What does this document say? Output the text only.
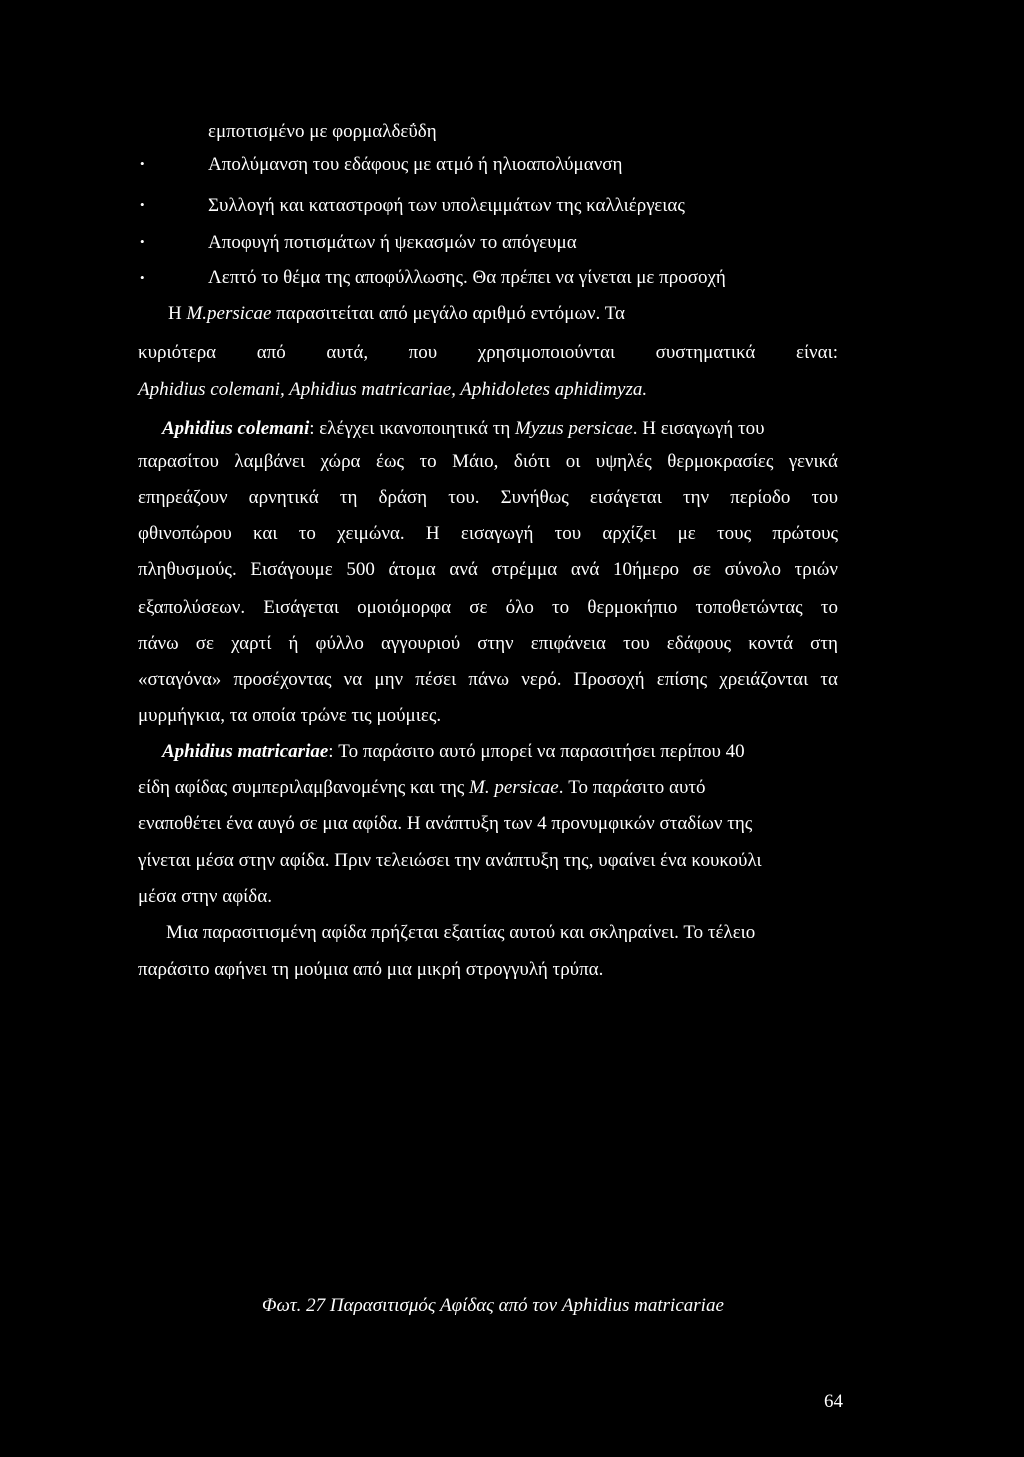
εμποτισμένο με φορμαλδεΰδη
•	Απολύμανση του εδάφους με ατμό ή ηλιοαπολύμανση
•	Συλλογή και καταστροφή των υπολειμμάτων της καλλιέργειας
•	Αποφυγή ποτισμάτων ή ψεκασμών το απόγευμα
•	Λεπτό το θέμα της αποφύλλωσης. Θα πρέπει να γίνεται με προσοχή
Η M.persicae παρασιτείται από μεγάλο αριθμό εντόμων. Τα
κυριότερα από αυτά, που χρησιμοποιούνται συστηματικά είναι:
Aphidius colemani, Aphidius matricariae, Aphidoletes aphidimyza.
Aphidius colemani: ελέγχει ικανοποιητικά τη Myzus persicae. Η εισαγωγή του
παρασίτου λαμβάνει χώρα έως το Μάιο, διότι οι υψηλές θερμοκρασίες γενικά
επηρεάζουν αρνητικά τη δράση του. Συνήθως εισάγεται την περίοδο του
φθινοπώρου και το χειμώνα. Η εισαγωγή του αρχίζει με τους πρώτους
πληθυσμούς. Εισάγουμε 500 άτομα ανά στρέμμα ανά 10ήμερο σε σύνολο τριών
εξαπολύσεων. Εισάγεται ομοιόμορφα σε όλο το θερμοκήπιο τοποθετώντας το
πάνω σε χαρτί ή φύλλο αγγουριού στην επιφάνεια του εδάφους κοντά στη
«σταγόνα» προσέχοντας να μην πέσει πάνω νερό. Προσοχή επίσης χρειάζονται τα
μυρμήγκια, τα οποία τρώνε τις μούμιες.
Aphidius matricariae: Το παράσιτο αυτό μπορεί να παρασιτήσει περίπου 40
είδη αφίδας συμπεριλαμβανομένης και της M. persicae. Το παράσιτο αυτό
εναποθέτει ένα αυγό σε μια αφίδα. Η ανάπτυξη των 4 προνυμφικών σταδίων της
γίνεται μέσα στην αφίδα. Πριν τελειώσει την ανάπτυξη της, υφαίνει ένα κουκούλι
μέσα στην αφίδα.
Μια παρασιτισμένη αφίδα πρήζεται εξαιτίας αυτού και σκληραίνει. Το τέλειο
παράσιτο αφήνει τη μούμια από μια μικρή στρογγυλή τρύπα.
Φωτ. 27 Παρασιτισμός Αφίδας από τον Aphidius matricariae
64
